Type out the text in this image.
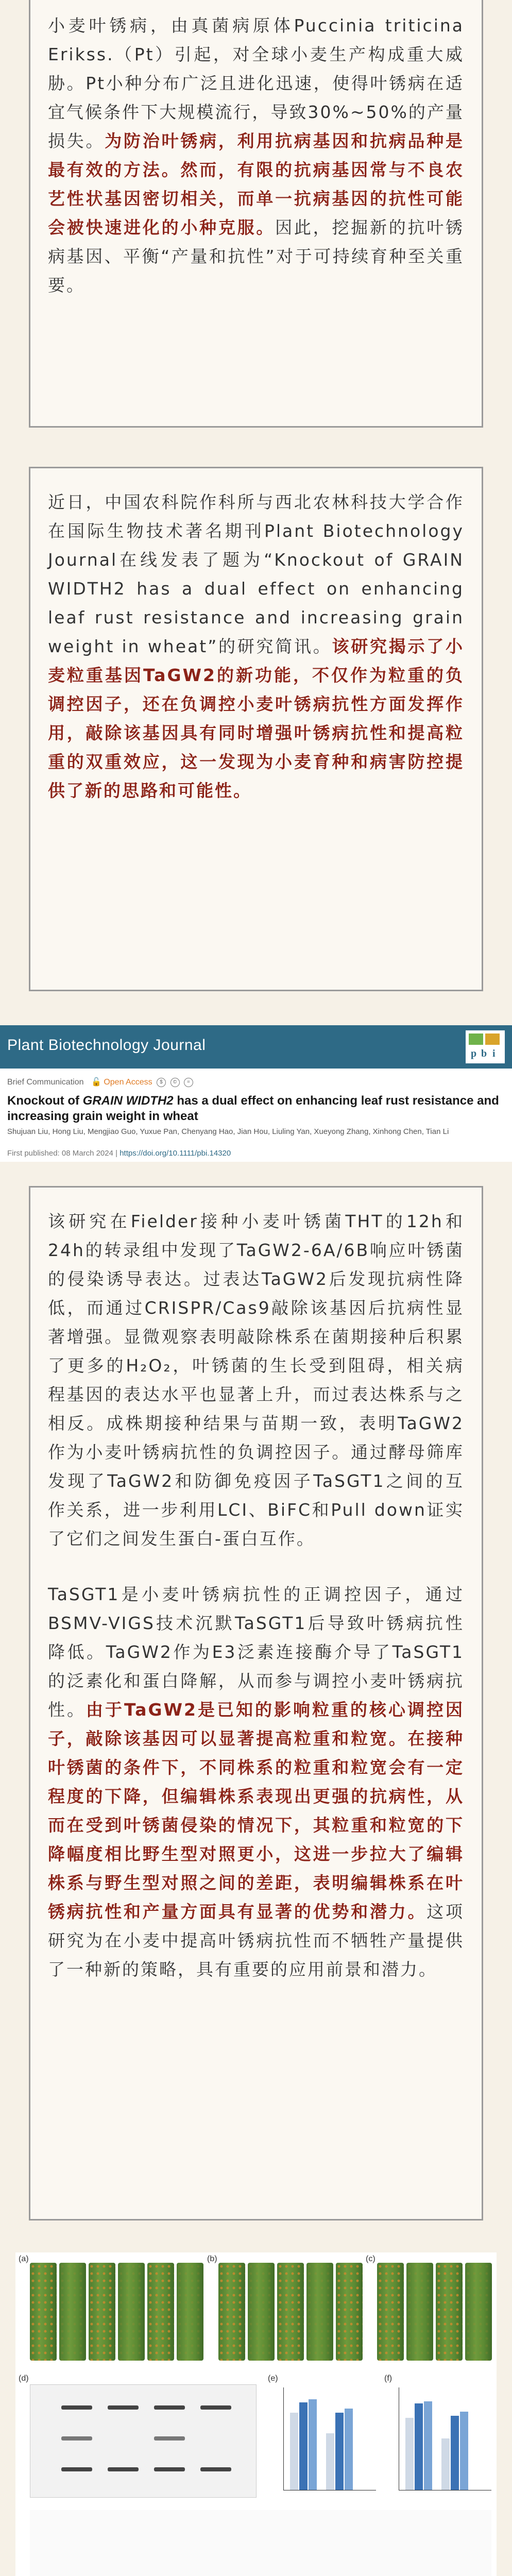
小麦叶锈病，由真菌病原体Puccinia triticina Erikss.（Pt）引起，对全球小麦生产构成重大威胁。Pt小种分布广泛且进化迅速，使得叶锈病在适宜气候条件下大规模流行，导致30%~50%的产量损失。为防治叶锈病，利用抗病基因和抗病品种是最有效的方法。然而，有限的抗病基因常与不良农艺性状基因密切相关，而单一抗病基因的抗性可能会被快速进化的小种克服。因此，挖掘新的抗叶锈病基因、平衡“产量和抗性”对于可持续育种至关重要。

近日，中国农科院作科所与西北农林科技大学合作在国际生物技术著名期刊Plant Biotechnology Journal在线发表了题为“Knockout of GRAIN WIDTH2 has a dual effect on enhancing leaf rust resistance and increasing grain weight in wheat”的研究简讯。该研究揭示了小麦粒重基因TaGW2的新功能，不仅作为粒重的负调控因子，还在负调控小麦叶锈病抗性方面发挥作用，敲除该基因具有同时增强叶锈病抗性和提高粒重的双重效应，这一发现为小麦育种和病害防控提供了新的思路和可能性。

Plant Biotechnology Journal	p b i
Brief Communication 🔓 Open Access $ © =
Knockout of GRAIN WIDTH2 has a dual effect on enhancing leaf rust resistance and increasing grain weight in wheat
Shujuan Liu, Hong Liu, Mengjiao Guo, Yuxue Pan, Chenyang Hao, Jian Hou, Liuling Yan, Xueyong Zhang, Xinhong Chen, Tian Li
First published: 08 March 2024 | https://doi.org/10.1111/pbi.14320

该研究在Fielder接种小麦叶锈菌THT的12h和24h的转录组中发现了TaGW2-6A/6B响应叶锈菌的侵染诱导表达。过表达TaGW2后发现抗病性降低，而通过CRISPR/Cas9敲除该基因后抗病性显著增强。显微观察表明敲除株系在菌期接种后积累了更多的H₂O₂，叶锈菌的生长受到阻碍，相关病程基因的表达水平也显著上升，而过表达株系与之相反。成株期接种结果与苗期一致，表明TaGW2作为小麦叶锈病抗性的负调控因子。通过酵母筛库发现了TaGW2和防御免疫因子TaSGT1之间的互作关系，进一步利用LCI、BiFC和Pull down证实了它们之间发生蛋白-蛋白互作。

TaSGT1是小麦叶锈病抗性的正调控因子，通过BSMV-VIGS技术沉默TaSGT1后导致叶锈病抗性降低。TaGW2作为E3泛素连接酶介导了TaSGT1的泛素化和蛋白降解，从而参与调控小麦叶锈病抗性。由于TaGW2是已知的影响粒重的核心调控因子，敲除该基因可以显著提高粒重和粒宽。在接种叶锈菌的条件下，不同株系的粒重和粒宽会有一定程度的下降，但编辑株系表现出更强的抗病性，从而在受到叶锈菌侵染的情况下，其粒重和粒宽的下降幅度相比野生型对照更小，这进一步拉大了编辑株系与野生型对照之间的差距，表明编辑株系在叶锈病抗性和产量方面具有显著的优势和潜力。这项研究为在小麦中提高叶锈病抗性而不牺牲产量提供了一种新的策略，具有重要的应用前景和潜力。

(a)	(b)	(c)
(d)	(e)	(f)
